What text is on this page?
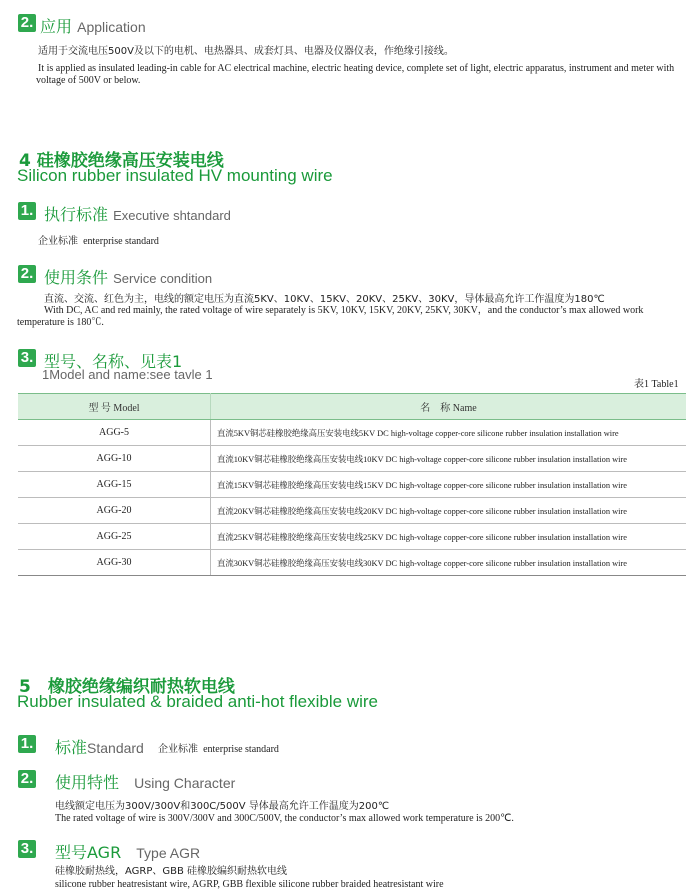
2. 应用 Application
适用于交流电压500V及以下的电机、电热器具、成套灯具、电器及仪器仪表，作绝缘引接线。
It is applied as insulated leading-in cable for AC electrical machine, electric heating device, complete set of light, electric apparatus, instrument and meter with voltage of 500V or below.
4 硅橡胶绝缘高压安装电线
Silicon rubber insulated HV mounting wire
1. 执行标准 Executive shtandard
企业标准 enterprise standard
2. 使用条件 Service condition
直流、交流、红色为主，电线的额定电压为直流5KV、10KV、15KV、20KV、25KV、30KV，导体最高允许工作温度为180℃
With DC, AC and red mainly, the rated voltage of wire separately is 5KV, 10KV, 15KV, 20KV, 25KV, 30KV，and the conductor’s max allowed work temperature is 180℃.
3. 型号、名称、见表1
1Model and name:see tavle 1
表1 Table1
型 号 Model	名　称 Name
AGG-5	直流5KV铜芯硅橡胶绝缘高压安装电线5KV DC high-voltage copper-core silicone rubber insulation installation wire
AGG-10	直流10KV铜芯硅橡胶绝缘高压安装电线10KV DC high-voltage copper-core silicone rubber insulation installation wire
AGG-15	直流15KV铜芯硅橡胶绝缘高压安装电线15KV DC high-voltage copper-core silicone rubber insulation installation wire
AGG-20	直流20KV铜芯硅橡胶绝缘高压安装电线20KV DC high-voltage copper-core silicone rubber insulation installation wire
AGG-25	直流25KV铜芯硅橡胶绝缘高压安装电线25KV DC high-voltage copper-core silicone rubber insulation installation wire
AGG-30	直流30KV铜芯硅橡胶绝缘高压安装电线30KV DC high-voltage copper-core silicone rubber insulation installation wire
5　橡胶绝缘编织耐热软电线
Rubber insulated & braided anti-hot flexible wire
1. 标准Standard 企业标准 enterprise standard
2. 使用特性 Using Character
电线额定电压为300V/300V和300C/500V 导体最高允许工作温度为200℃
The rated voltage of wire is 300V/300V and 300C/500V, the conductor’s max allowed work temperature is 200℃.
3. 型号AGR Type AGR
硅橡胶耐热线，AGRP、GBB 硅橡胶编织耐热软电线
silicone rubber heatresistant wire, AGRP, GBB flexible silicone rubber braided heatresistant wire
